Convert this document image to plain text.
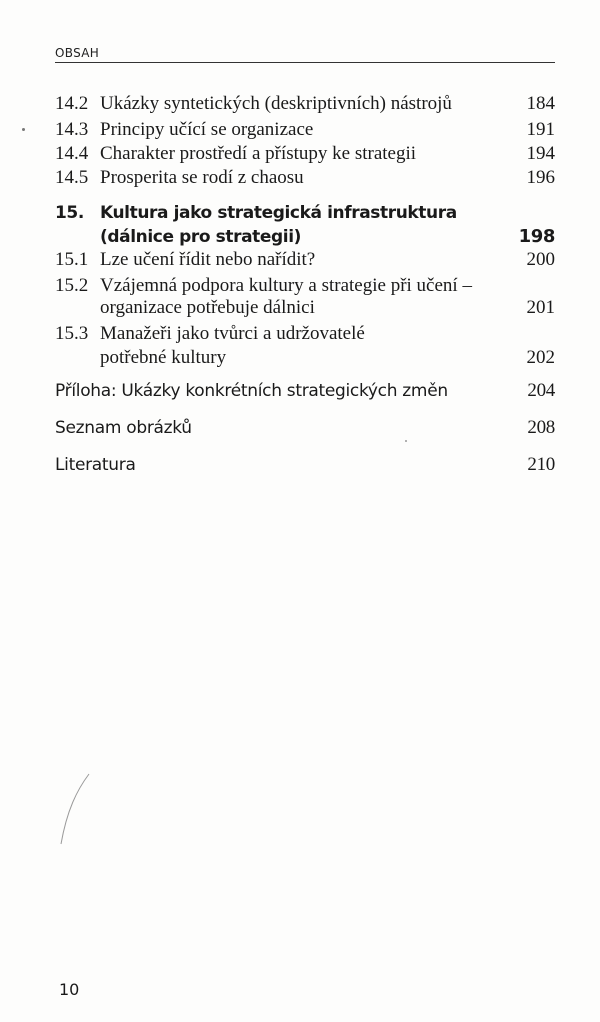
OBSAH
14.2 Ukázky syntetických (deskriptivních) nástrojů	184
14.3 Principy učící se organizace	191
14.4 Charakter prostředí a přístupy ke strategii	194
14.5 Prosperita se rodí z chaosu	196
15. Kultura jako strategická infrastruktura
(dálnice pro strategii)	198
15.1 Lze učení řídit nebo nařídit?	200
15.2 Vzájemná podpora kultury a strategie při učení –
organizace potřebuje dálnici	201
15.3 Manažeři jako tvůrci a udržovatelé
potřebné kultury	202
Příloha: Ukázky konkrétních strategických změn	204
Seznam obrázků	208
Literatura	210
10
